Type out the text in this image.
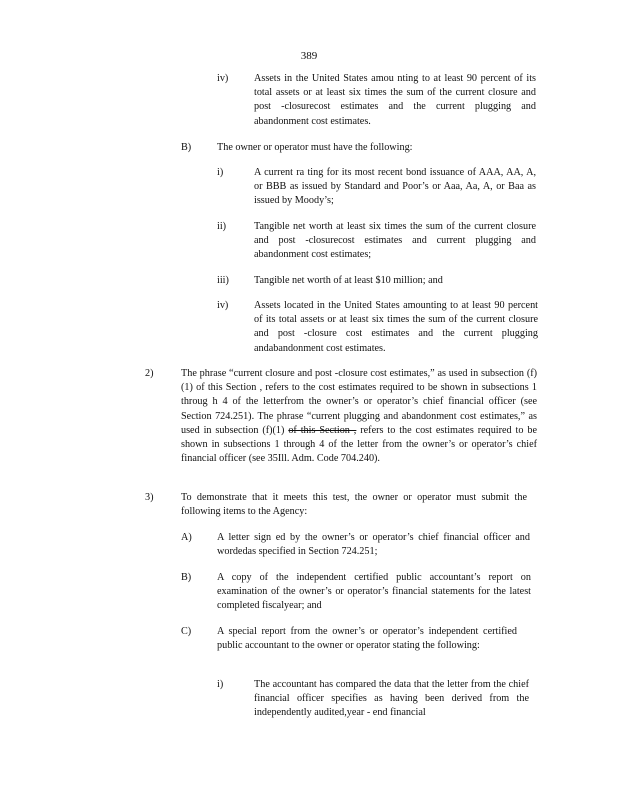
389
iv)	Assets in the United States amou nting to at least 90 percent of its total assets or at least six times the sum of the current closure and post -closurecost estimates and the current plugging and abandonment cost estimates.
B)	The owner or operator must have the following:
i)	A current ra ting for its most recent bond issuance of AAA, AA, A, or BBB as issued by Standard and Poor’s or Aaa, Aa, A, or Baa as issued by Moody’s;
ii)	Tangible net worth at least six times the sum of the current closure and post -closurecost estimates and current plugging and abandonment cost estimates;
iii) Tangible net worth of at least $10 million; and
iv)	Assets located in the United States amounting to at least 90 percent of its total assets or at least six times the sum of the current closure and post -closure cost estimates and the current plugging andabandonment cost estimates.
2)	The phrase “current closure and post -closure cost estimates,” as used in subsection (f)(1) of this Section , refers to the cost estimates required to be shown in subsections 1 throug h 4 of the letterfrom the owner’s or operator’s chief financial officer (see Section 724.251). The phrase “current plugging and abandonment cost estimates,” as used in subsection (f)(1) of this Section , refers to the cost estimates required to be shown in subsections 1 through 4 of the letter from the owner’s or operator’s chief financial officer (see 35Ill. Adm. Code 704.240).
3)	To demonstrate that it meets this test, the owner or operator must submit the following items to the Agency:
A) A letter sign ed by the owner’s or operator’s chief financial officer and wordedas specified in Section 724.251;
B)	A copy of the independent certified public accountant’s report on examination of the owner’s or operator’s financial statements for the latest completed fiscalyear; and
C)	A special report from the owner’s or operator’s independent certified public accountant to the owner or operator stating the following:
i)	The accountant has compared the data that the letter from the chief financial officer specifies as having been derived from the independently audited,year - end financial
